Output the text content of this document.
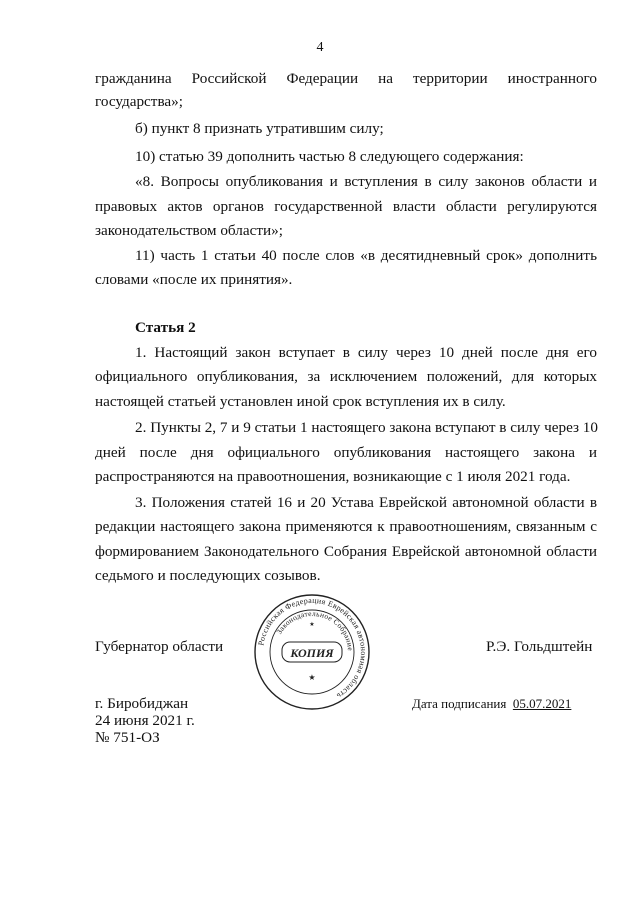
4
гражданина Российской Федерации на территории иностранного
государства»;
б) пункт 8 признать утратившим силу;
10) статью 39 дополнить частью 8 следующего содержания:
«8. Вопросы опубликования и вступления в силу законов области и
правовых актов органов государственной власти области регулируются
законодательством области»;
11) часть 1 статьи 40 после слов «в десятидневный срок» дополнить
словами «после их принятия».
Статья 2
1. Настоящий закон вступает в силу через 10 дней после дня его
официального опубликования, за исключением положений, для которых
настоящей статьей установлен иной срок вступления их в силу.
2. Пункты 2, 7 и 9 статьи 1 настоящего закона вступают в силу через 10
дней после дня официального опубликования настоящего закона и
распространяются на правоотношения, возникающие с 1 июля 2021 года.
3. Положения статей 16 и 20 Устава Еврейской автономной области в
редакции настоящего закона применяются к правоотношениям, связанным с
формированием Законодательного Собрания Еврейской автономной области
седьмого и последующих созывов.
Губернатор области	Р.Э. Гольдштейн
Российская Федерация Еврейская автономная область
Законодательное Собрание
КОПИЯ
★
★
г. Биробиджан
24 июня 2021 г.
№ 751-ОЗ
Дата подписания 05.07.2021
